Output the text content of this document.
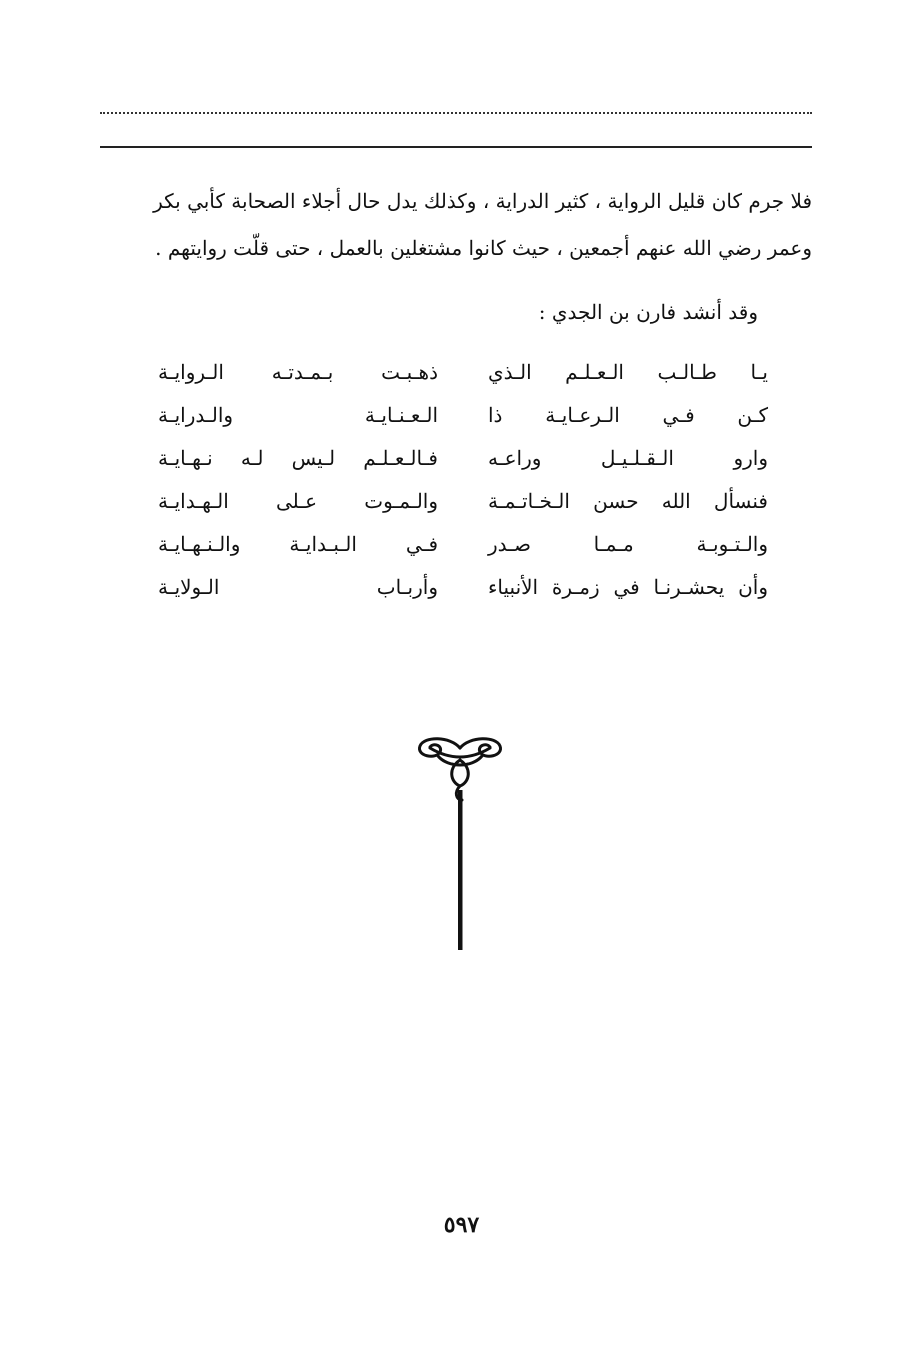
فلا جرم كان قليل الرواية ، كثير الدراية ، وكذلك يدل حال أجلاء الصحابة كأبي بكر

وعمر رضي الله عنهم أجمعين ، حيث كانوا مشتغلين بالعمل ، حتى قلّت روايتهم .

وقد أنشد فارن بن الجدي :
يـا طـالـب الـعـلـم الـذي
ذهـبـت بـمـدتـه الـروايـة
كـن فـي الـرعـايـة ذا
الـعـنـايـة والـدرايـة
وارو الـقـلـيـل وراعـه
فـالـعـلـم لـيس لـه نـهـايـة
فنسأل الله حسن الـخـاتـمـة
والـمـوت عـلى الـهـدايـة
والـتـوبـة مـمـا صـدر
فـي الـبـدايـة والـنـهـايـة
وأن يحشـرنـا في زمـرة الأنبياء
وأربـاب الـولايـة
٥٩٧
